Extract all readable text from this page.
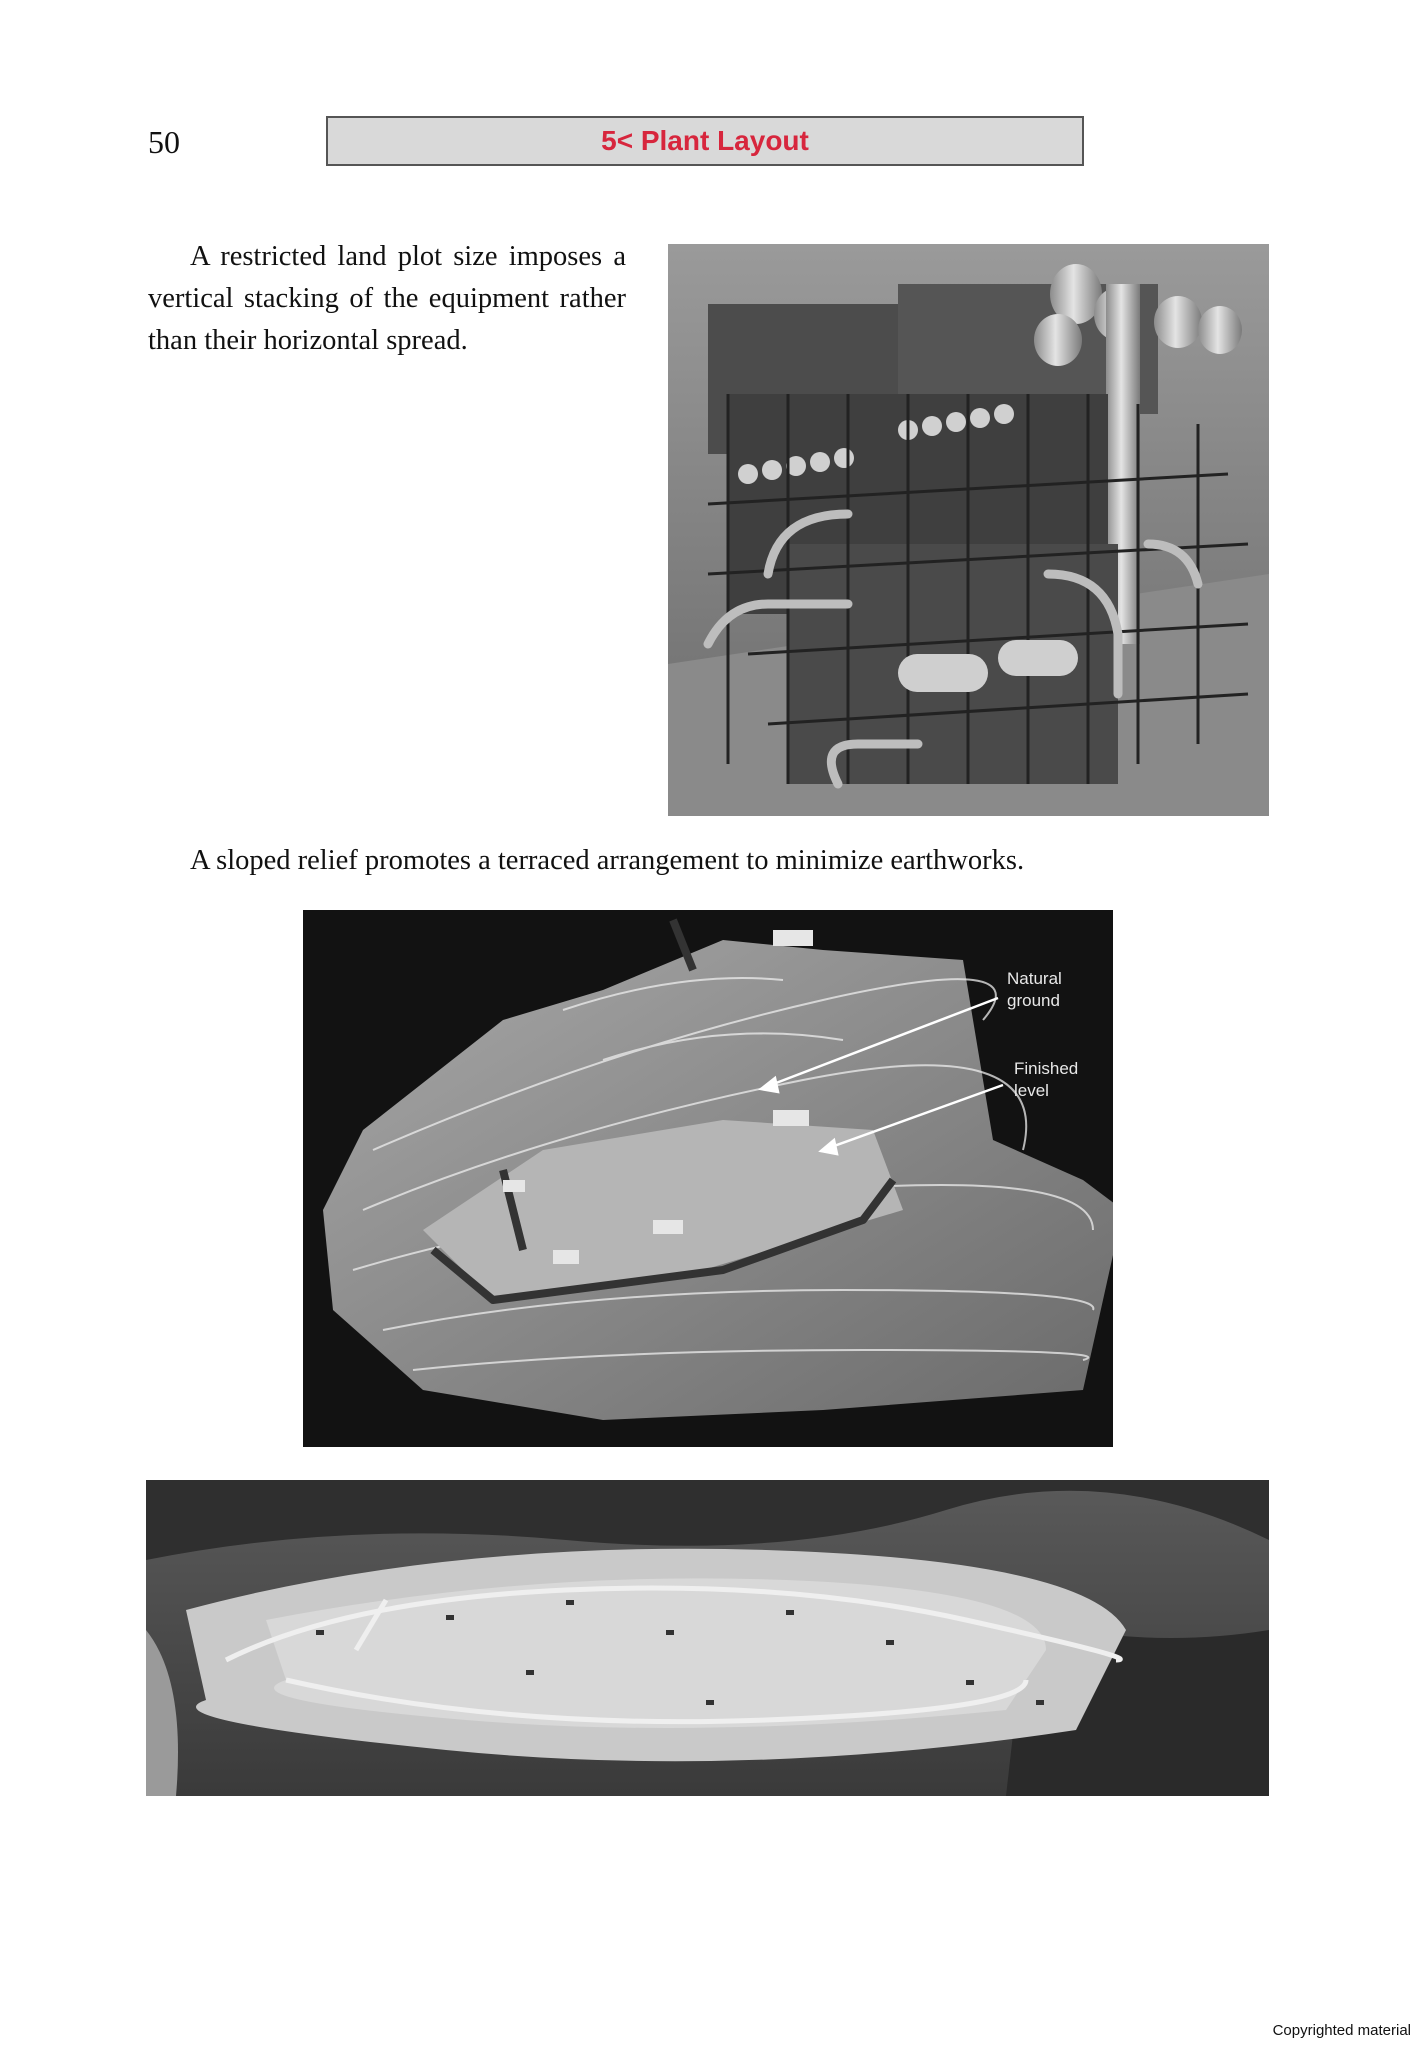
50	5< Plant Layout

A restricted land plot size imposes a vertical stacking of the equipment rather than their horizontal spread.

A sloped relief promotes a terraced arrangement to minimize earthworks.

Natural
ground
Finished
level
Copyrighted material
